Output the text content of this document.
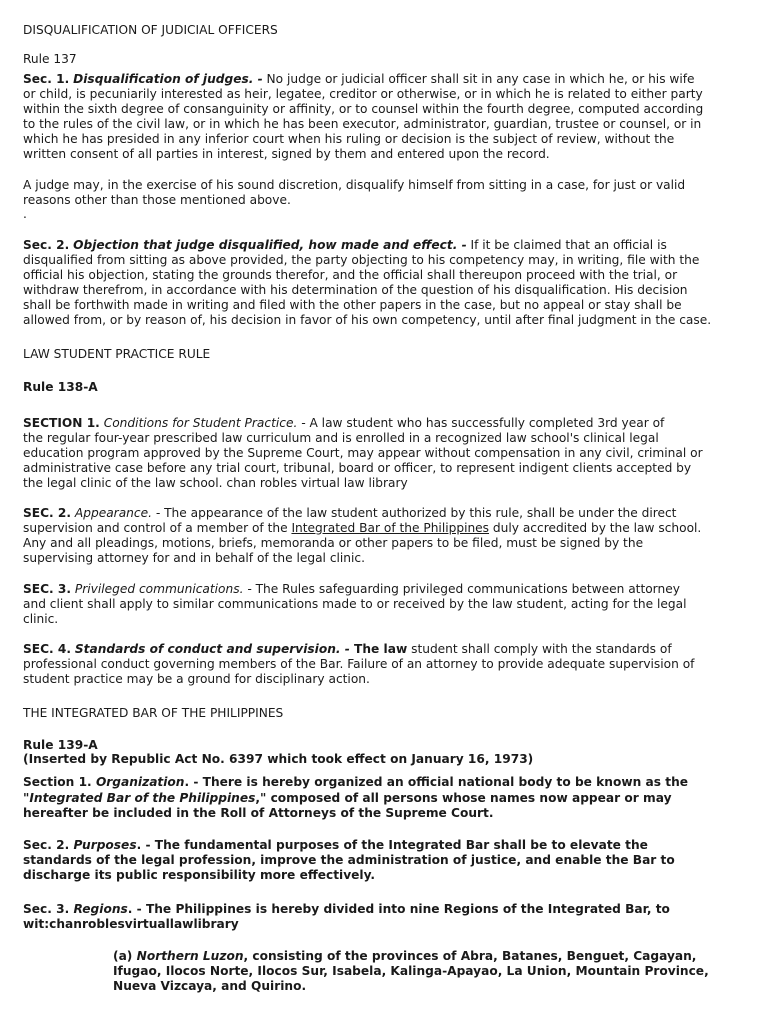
DISQUALIFICATION OF JUDICIAL OFFICERS

Rule 137

Sec. 1. Disqualification of judges. - No judge or judicial officer shall sit in any case in which he, or his wife

or child, is pecuniarily interested as heir, legatee, creditor or otherwise, or in which he is related to either party

within the sixth degree of consanguinity or affinity, or to counsel within the fourth degree, computed according

to the rules of the civil law, or in which he has been executor, administrator, guardian, trustee or counsel, or in

which he has presided in any inferior court when his ruling or decision is the subject of review, without the

written consent of all parties in interest, signed by them and entered upon the record.

A judge may, in the exercise of his sound discretion, disqualify himself from sitting in a case, for just or valid

reasons other than those mentioned above.

.

Sec. 2. Objection that judge disqualified, how made and effect. - If it be claimed that an official is

disqualified from sitting as above provided, the party objecting to his competency may, in writing, file with the

official his objection, stating the grounds therefor, and the official shall thereupon proceed with the trial, or

withdraw therefrom, in accordance with his determination of the question of his disqualification. His decision

shall be forthwith made in writing and filed with the other papers in the case, but no appeal or stay shall be

allowed from, or by reason of, his decision in favor of his own competency, until after final judgment in the case.

LAW STUDENT PRACTICE RULE

Rule 138-A

SECTION 1. Conditions for Student Practice. - A law student who has successfully completed 3rd year of

the regular four-year prescribed law curriculum and is enrolled in a recognized law school's clinical legal

education program approved by the Supreme Court, may appear without compensation in any civil, criminal or

administrative case before any trial court, tribunal, board or officer, to represent indigent clients accepted by

the legal clinic of the law school. chan robles virtual law library

SEC. 2. Appearance. - The appearance of the law student authorized by this rule, shall be under the direct

supervision and control of a member of the Integrated Bar of the Philippines duly accredited by the law school.

Any and all pleadings, motions, briefs, memoranda or other papers to be filed, must be signed by the

supervising attorney for and in behalf of the legal clinic.

SEC. 3. Privileged communications. - The Rules safeguarding privileged communications between attorney

and client shall apply to similar communications made to or received by the law student, acting for the legal

clinic.

SEC. 4. Standards of conduct and supervision. - The law student shall comply with the standards of

professional conduct governing members of the Bar. Failure of an attorney to provide adequate supervision of

student practice may be a ground for disciplinary action.

THE INTEGRATED BAR OF THE PHILIPPINES

Rule 139-A

(Inserted by Republic Act No. 6397 which took effect on January 16, 1973)

Section 1. Organization. - There is hereby organized an official national body to be known as the

"Integrated Bar of the Philippines," composed of all persons whose names now appear or may

hereafter be included in the Roll of Attorneys of the Supreme Court.

Sec. 2. Purposes. - The fundamental purposes of the Integrated Bar shall be to elevate the

standards of the legal profession, improve the administration of justice, and enable the Bar to

discharge its public responsibility more effectively.

Sec. 3. Regions. - The Philippines is hereby divided into nine Regions of the Integrated Bar, to

wit:chanroblesvirtuallawlibrary

(a) Northern Luzon, consisting of the provinces of Abra, Batanes, Benguet, Cagayan,

Ifugao, Ilocos Norte, Ilocos Sur, Isabela, Kalinga-Apayao, La Union, Mountain Province,

Nueva Vizcaya, and Quirino.
